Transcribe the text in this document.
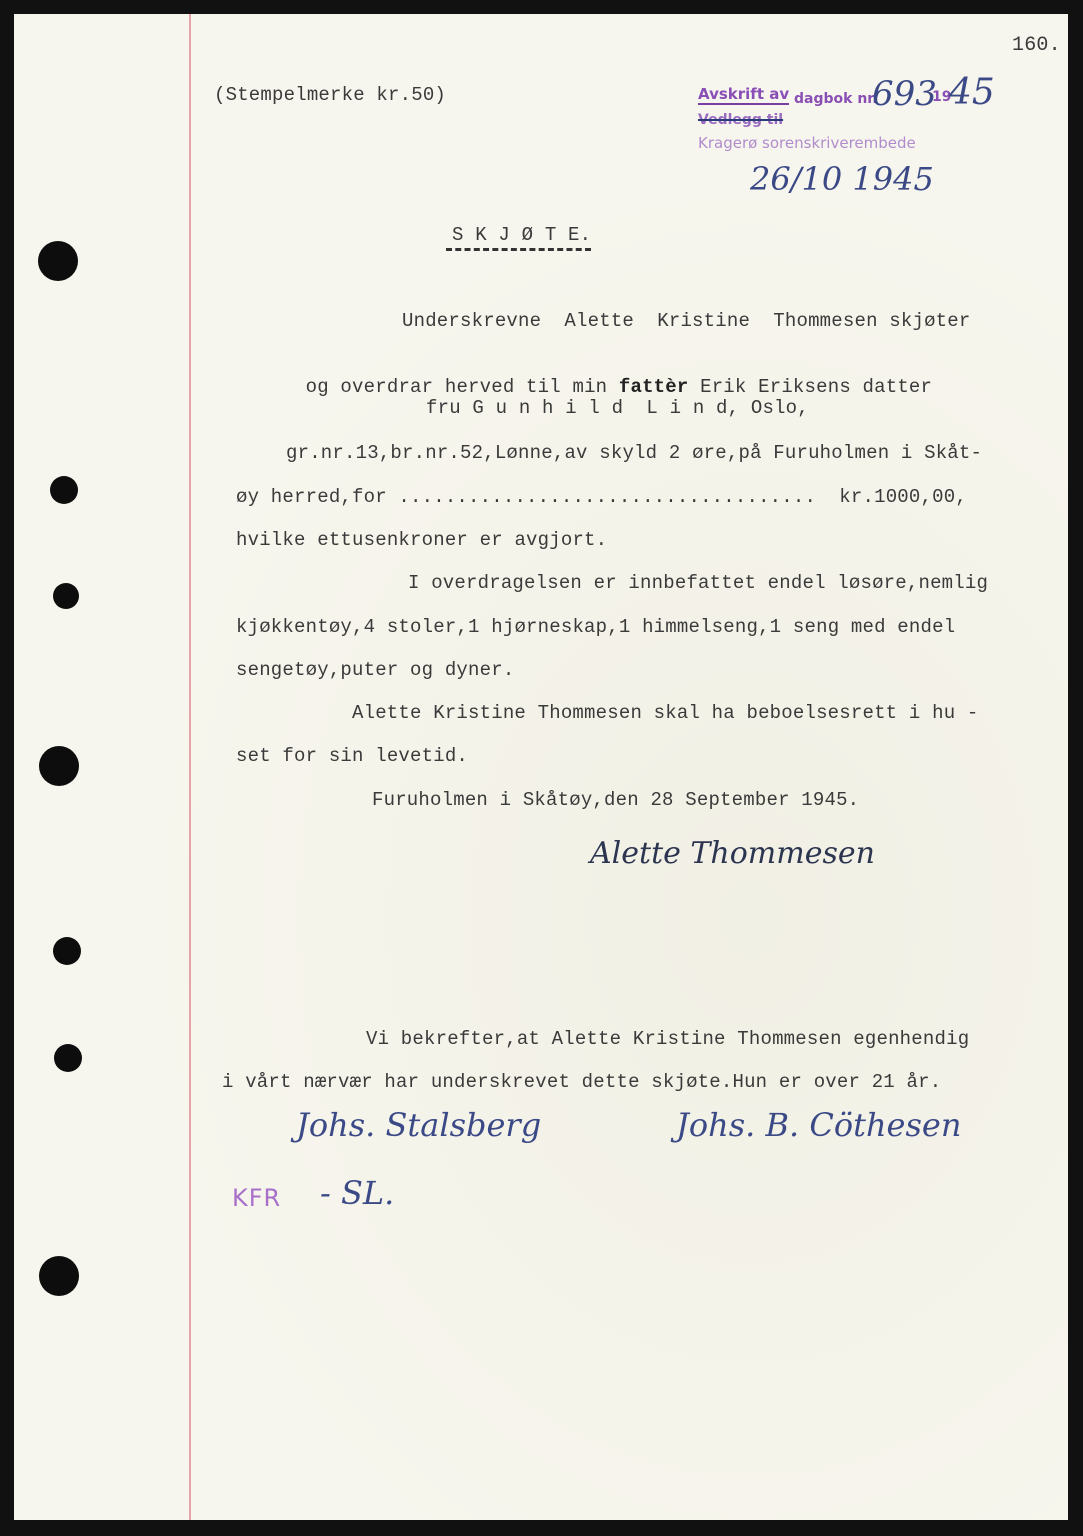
160.
(Stempelmerke kr.50)	Avskrift av dagbok nr.
693
19
45
Vedlegg til
Kragerø sorenskriverembede
26/10 1945
S K J Ø T E.
Underskrevne  Alette  Kristine  Thommesen skjøter

og overdrar herved til min fattèr Erik Eriksens datter

fru G u n h i l d  L i n d, Oslo,
gr.nr.13,br.nr.52,Lønne,av skyld 2 øre,på Furuholmen i Skåt-
øy herred,for ....................................  kr.1000,00,
hvilke ettusenkroner er avgjort.
I overdragelsen er innbefattet endel løsøre,nemlig
kjøkkentøy,4 stoler,1 hjørneskap,1 himmelseng,1 seng med endel
sengetøy,puter og dyner.
Alette Kristine Thommesen skal ha beboelsesrett i hu -
set for sin levetid.
Furuholmen i Skåtøy,den 28 September 1945.
Alette Thommesen
Vi bekrefter,at Alette Kristine Thommesen egenhendig
i vårt nærvær har underskrevet dette skjøte.Hun er over 21 år.
Johs. Stalsberg	Johs. B. Cöthesen
KFR - SL.
